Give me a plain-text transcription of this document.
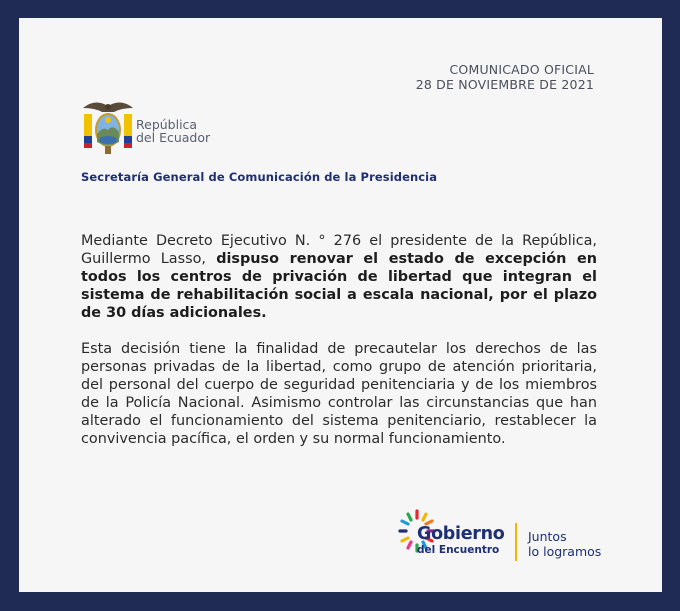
COMUNICADO OFICIAL
28 DE NOVIEMBRE DE 2021
República
del Ecuador
Secretaría General de Comunicación de la Presidencia

Mediante Decreto Ejecutivo N. ° 276 el presidente de la República, Guillermo Lasso, dispuso renovar el estado de excepción en todos los centros de privación de libertad que integran el sistema de rehabilitación social a escala nacional, por el plazo de 30 días adicionales.

Esta decisión tiene la finalidad de precautelar los derechos de las personas privadas de la libertad, como grupo de atención prioritaria, del personal del cuerpo de seguridad penitenciaria y de los miembros de la Policía Nacional. Asimismo controlar las circunstancias que han alterado el funcionamiento del sistema penitenciario, restablecer la convivencia pacífica, el orden y su normal funcionamiento.

Gobierno
del Encuentro
Juntos
lo logramos
